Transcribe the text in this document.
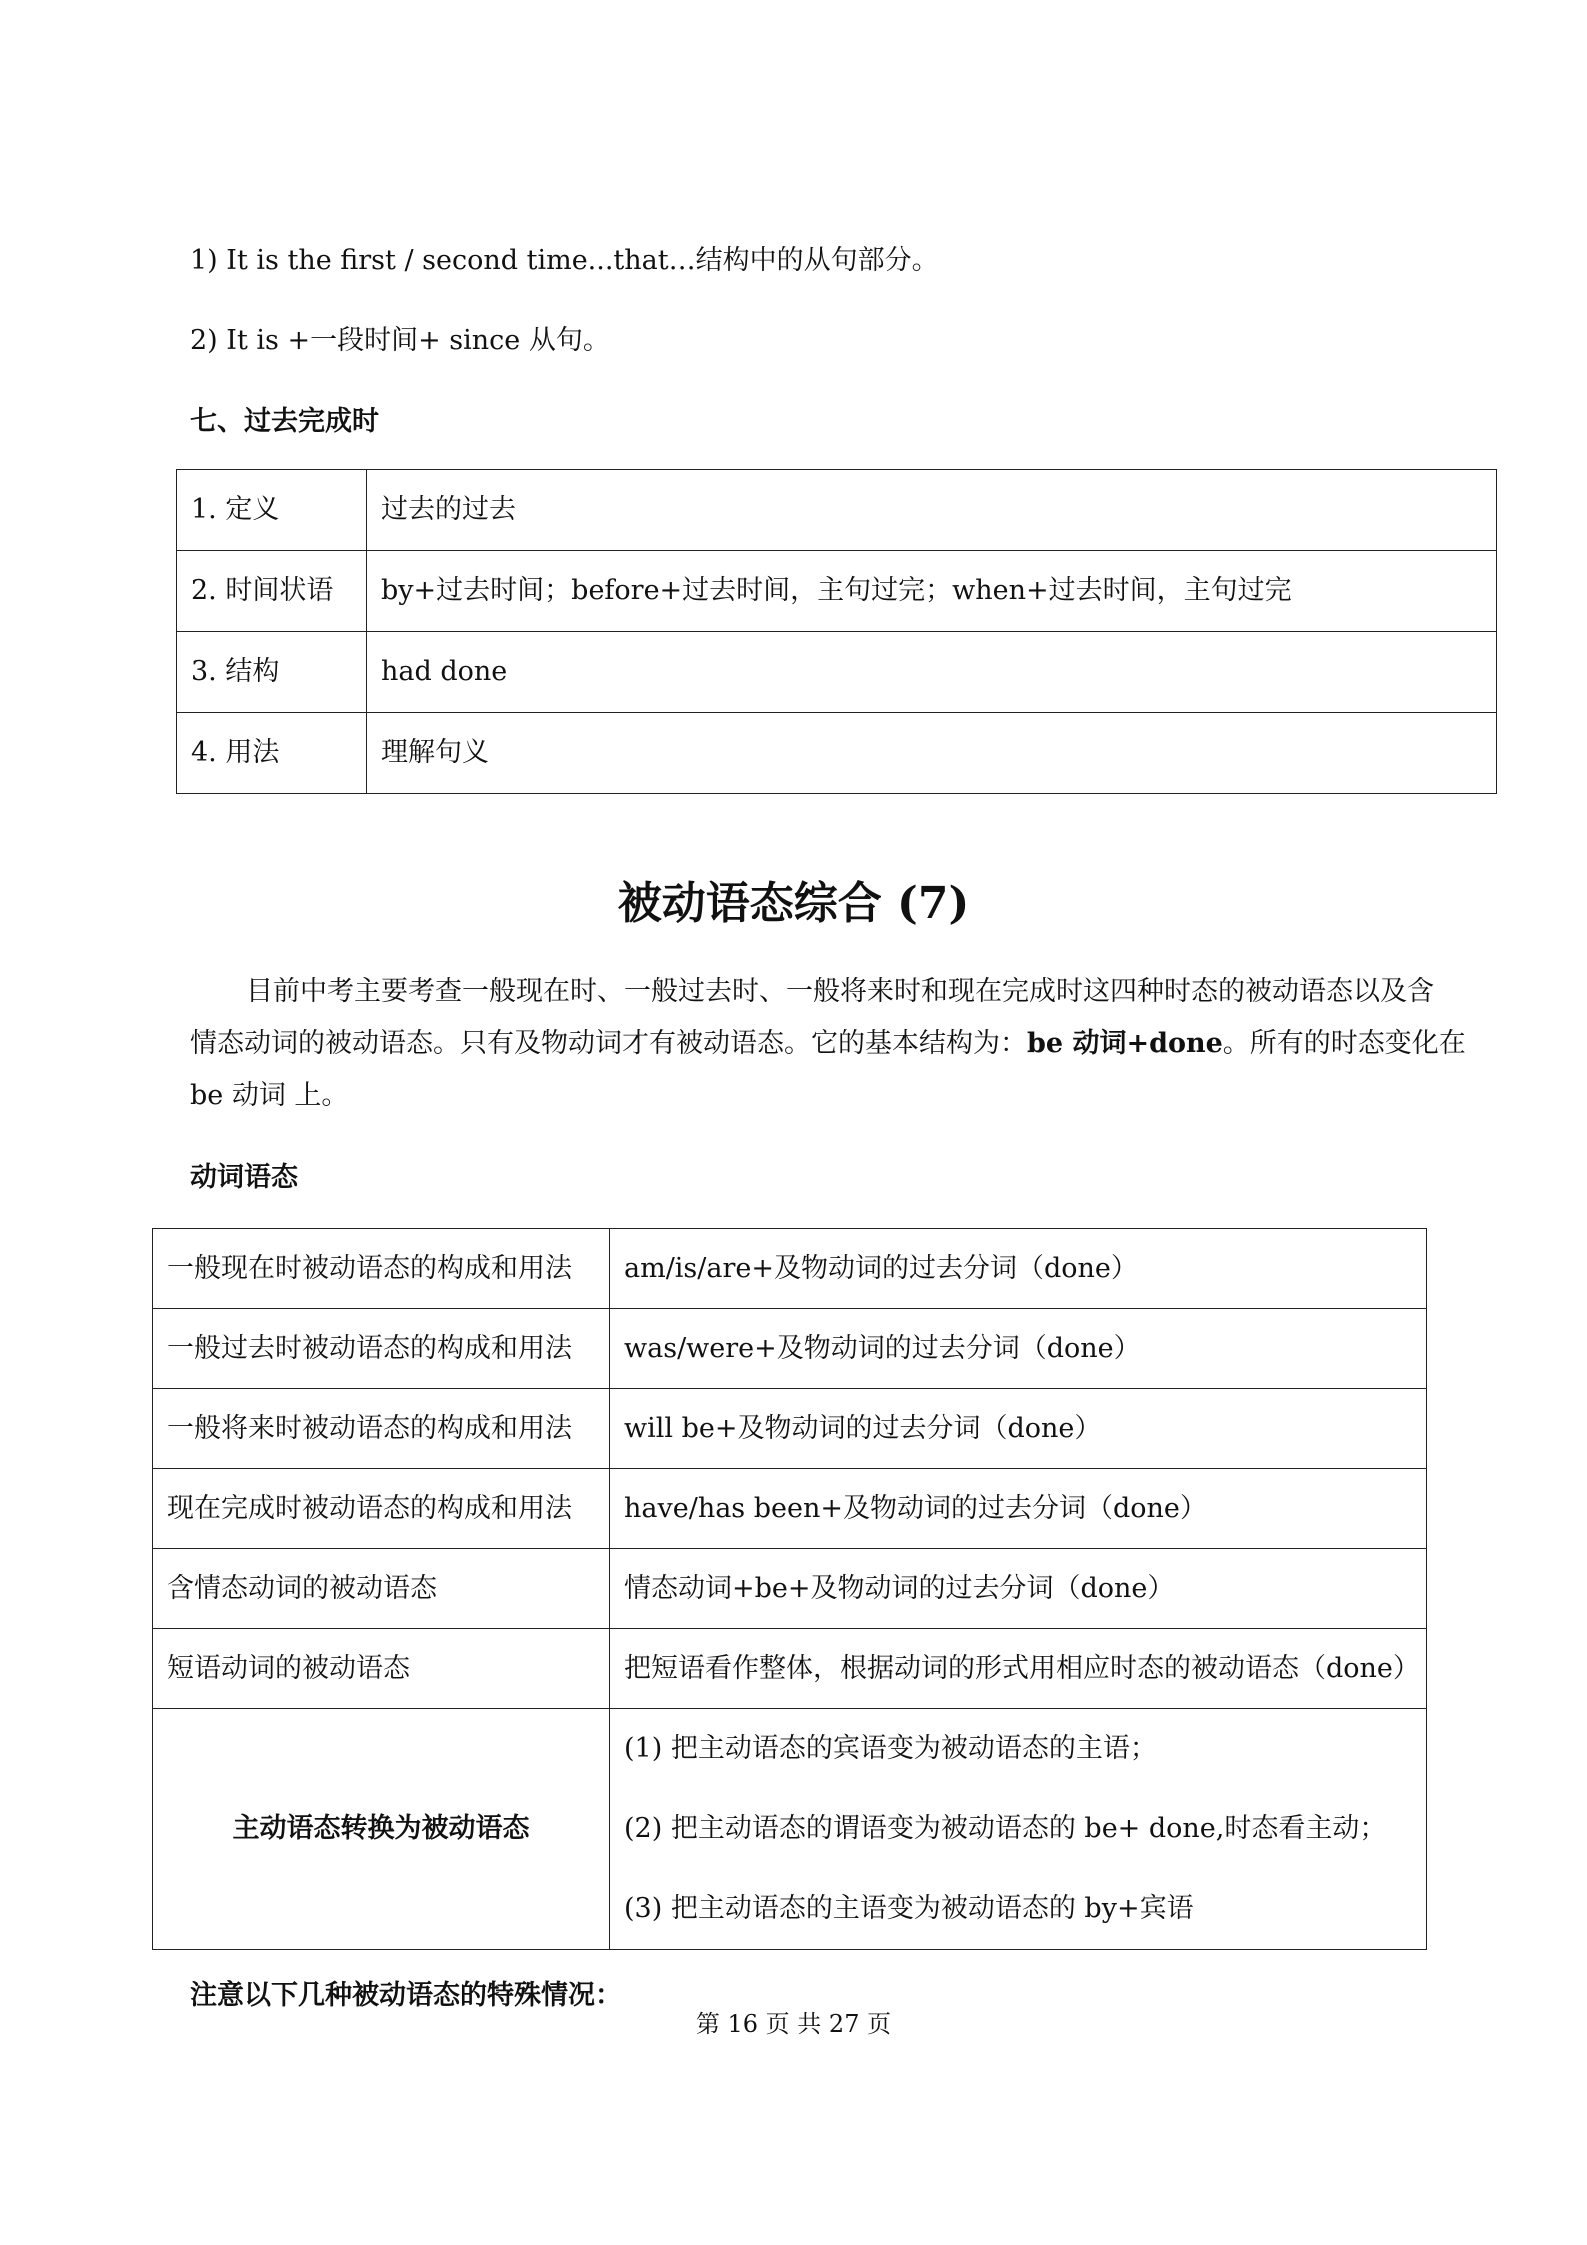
1) It is the first / second time...that…结构中的从句部分。
2) It is +一段时间+ since 从句。
七、过去完成时
1. 定义	过去的过去
2. 时间状语	by+过去时间；before+过去时间，主句过完；when+过去时间，主句过完
3. 结构	had done
4. 用法	理解句义
被动语态综合 (7)
目前中考主要考查一般现在时、一般过去时、一般将来时和现在完成时这四种时态的被动语态以及含
情态动词的被动语态。只有及物动词才有被动语态。它的基本结构为：be 动词+done。所有的时态变化在
be 动词 上。
动词语态
一般现在时被动语态的构成和用法	am/is/are+及物动词的过去分词（done）
一般过去时被动语态的构成和用法	was/were+及物动词的过去分词（done）
一般将来时被动语态的构成和用法	will be+及物动词的过去分词（done）
现在完成时被动语态的构成和用法	have/has been+及物动词的过去分词（done）
含情态动词的被动语态	情态动词+be+及物动词的过去分词（done）
短语动词的被动语态	把短语看作整体，根据动词的形式用相应时态的被动语态（done）
主动语态转换为被动语态	(1) 把主动语态的宾语变为被动语态的主语；
(2) 把主动语态的谓语变为被动语态的 be+ done,时态看主动；
(3) 把主动语态的主语变为被动语态的 by+宾语
注意以下几种被动语态的特殊情况：
第 16 页 共 27 页
